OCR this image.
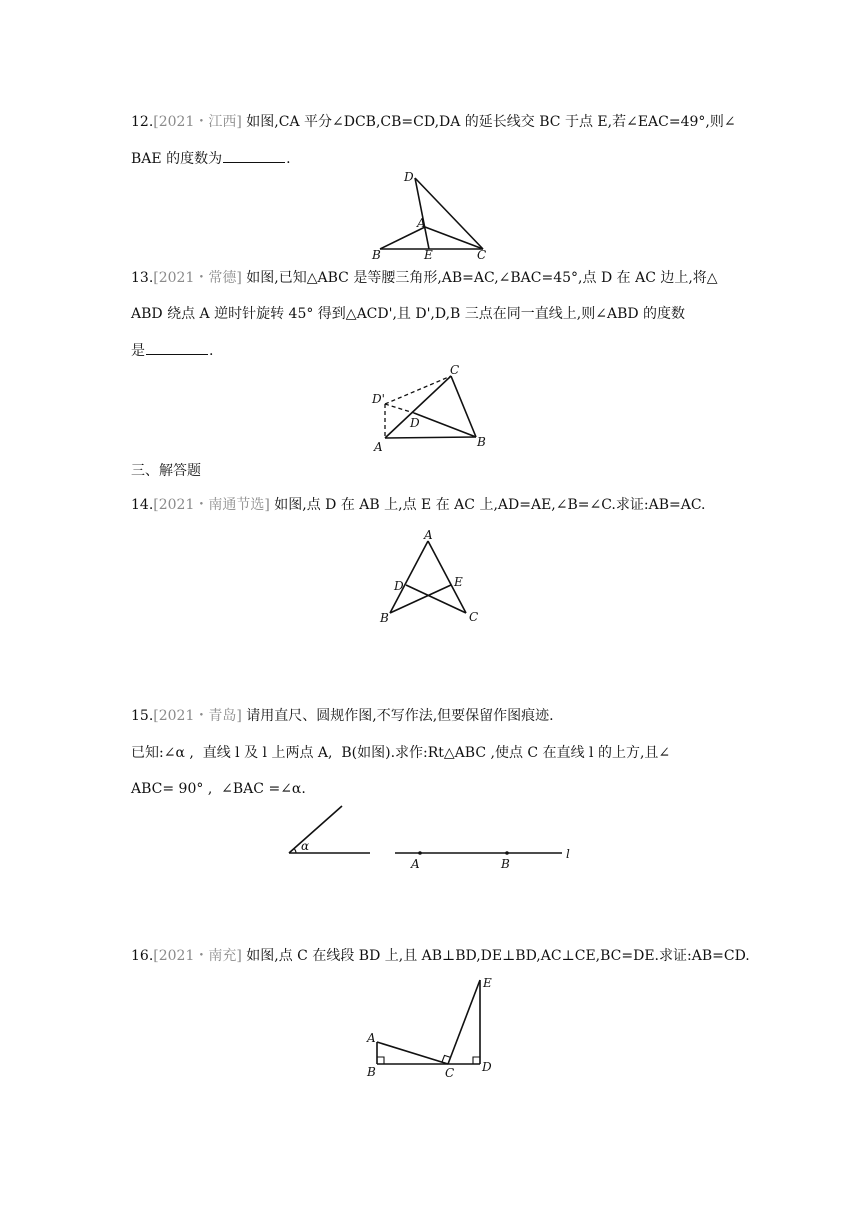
12.[2021・江西] 如图,CA 平分∠DCB,CB=CD,DA 的延长线交 BC 于点 E,若∠EAC=49°,则∠
BAE 的度数为	.
D
A
B	E	C
13.[2021・常德] 如图,已知△ABC 是等腰三角形,AB=AC,∠BAC=45°,点 D 在 AC 边上,将△
ABD 绕点 A 逆时针旋转 45° 得到△ACD',且 D',D,B 三点在同一直线上,则∠ABD 的度数
是	.
C
D'
D
A	B
三、解答题
14.[2021・南通节选] 如图,点 D 在 AB 上,点 E 在 AC 上,AD=AE,∠B=∠C.求证:AB=AC.
A
D	E
B	C
15.[2021・青岛] 请用直尺、圆规作图,不写作法,但要保留作图痕迹.
已知:∠α ,  直线 l 及 l 上两点 A,  B(如图).求作:Rt△ABC ,使点 C 在直线 l 的上方,且∠
ABC= 90° ,  ∠BAC =∠α.
α
A	B
l
16.[2021・南充] 如图,点 C 在线段 BD 上,且 AB⊥BD,DE⊥BD,AC⊥CE,BC=DE.求证:AB=CD.
E
A
B	C D
